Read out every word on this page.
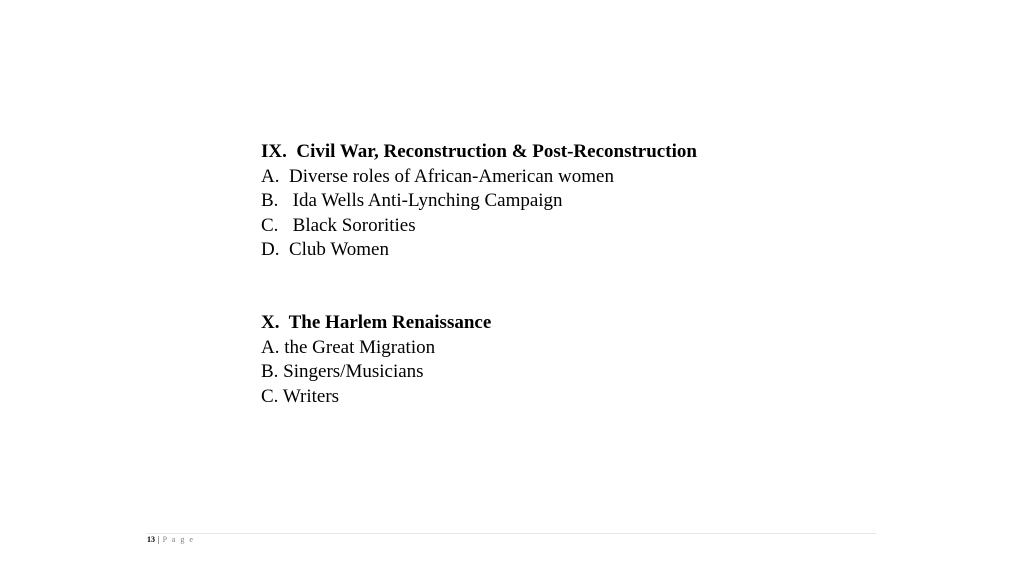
IX.  Civil War, Reconstruction & Post-Reconstruction
A.  Diverse roles of African-American women
B.   Ida Wells Anti-Lynching Campaign
C.   Black Sororities
D.  Club Women
X.  The Harlem Renaissance
A. the Great Migration
B. Singers/Musicians
C. Writers
13 | P a g e
